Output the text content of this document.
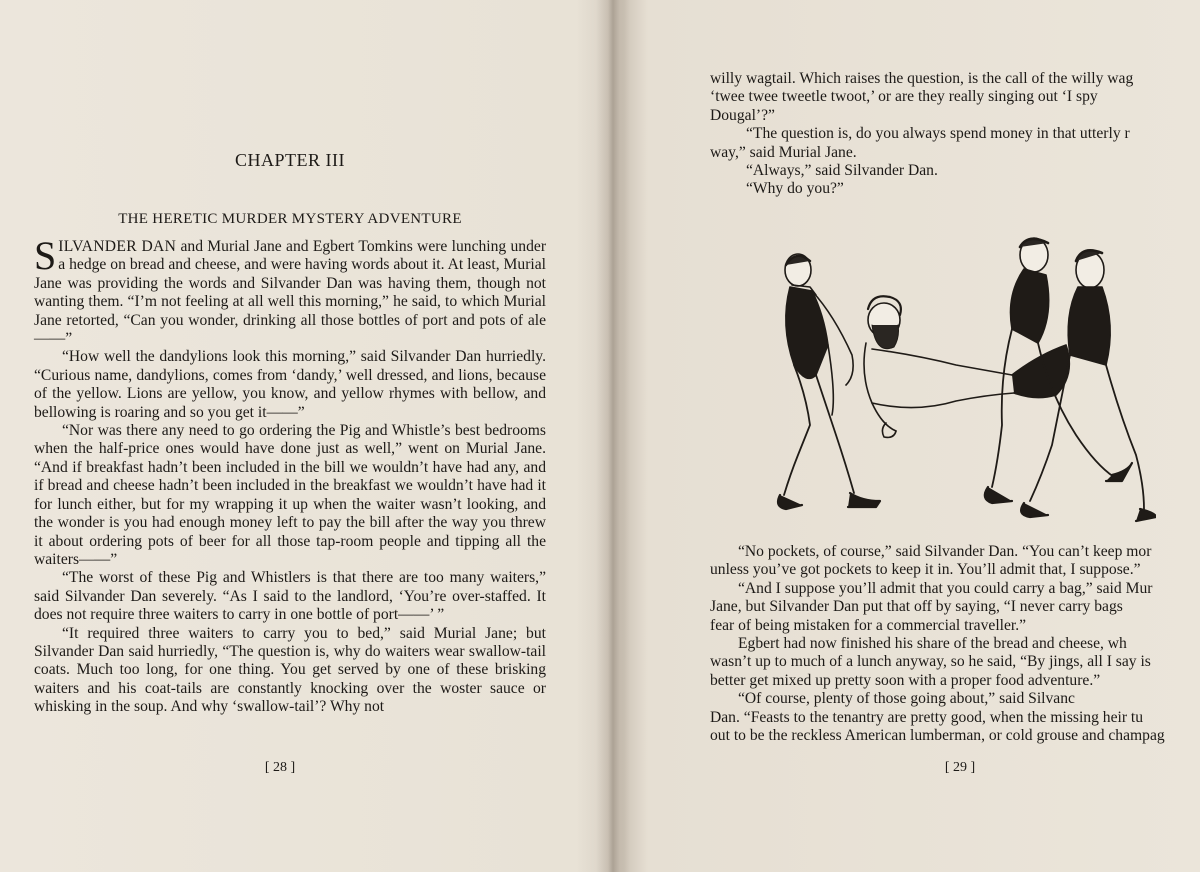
CHAPTER III
THE HERETIC MURDER MYSTERY ADVENTURE

SILVANDER DAN and Murial Jane and Egbert Tomkins were lunching under a hedge on bread and cheese, and were having words about it. At least, Murial Jane was providing the words and Silvander Dan was having them, though not wanting them. “I’m not feeling at all well this morning,” he said, to which Murial Jane retorted, “Can you wonder, drinking all those bottles of port and pots of ale——”

“How well the dandylions look this morning,” said Silvander Dan hurriedly. “Curious name, dandylions, comes from ‘dandy,’ well dressed, and lions, because of the yellow. Lions are yellow, you know, and yellow rhymes with bellow, and bellowing is roaring and so you get it——”

“Nor was there any need to go ordering the Pig and Whistle’s best bedrooms when the half-price ones would have done just as well,” went on Murial Jane. “And if breakfast hadn’t been included in the bill we wouldn’t have had any, and if bread and cheese hadn’t been included in the breakfast we wouldn’t have had it for lunch either, but for my wrapping it up when the waiter wasn’t looking, and the wonder is you had enough money left to pay the bill after the way you threw it about ordering pots of beer for all those tap-room people and tipping all the waiters——”

“The worst of these Pig and Whistlers is that there are too many waiters,” said Silvander Dan severely. “As I said to the landlord, ‘You’re over-staffed. It does not require three waiters to carry in one bottle of port——’ ”

“It required three waiters to carry you to bed,” said Murial Jane; but Silvander Dan said hurriedly, “The question is, why do waiters wear swallow-tail coats. Much too long, for one thing. You get served by one of these brisking waiters and his coat-tails are constantly knocking over the woster sauce or whisking in the soup. And why ‘swallow-tail’? Why not

[ 28 ]

willy wagtail. Which raises the question, is the call of the willy wag

‘twee twee tweetle twoot,’ or are they really singing out ‘I spy

Dougal’?”

“The question is, do you always spend money in that utterly r

way,” said Murial Jane.

“Always,” said Silvander Dan.

“Why do you?”

“No pockets, of course,” said Silvander Dan. “You can’t keep mor

unless you’ve got pockets to keep it in. You’ll admit that, I suppose.”

“And I suppose you’ll admit that you could carry a bag,” said Mur

Jane, but Silvander Dan put that off by saying, “I never carry bags

fear of being mistaken for a commercial traveller.”

Egbert had now finished his share of the bread and cheese, wh

wasn’t up to much of a lunch anyway, so he said, “By jings, all I say is

better get mixed up pretty soon with a proper food adventure.”

“Of course, plenty of those going about,” said Silvanc

Dan. “Feasts to the tenantry are pretty good, when the missing heir tu

out to be the reckless American lumberman, or cold grouse and champag

[ 29 ]
